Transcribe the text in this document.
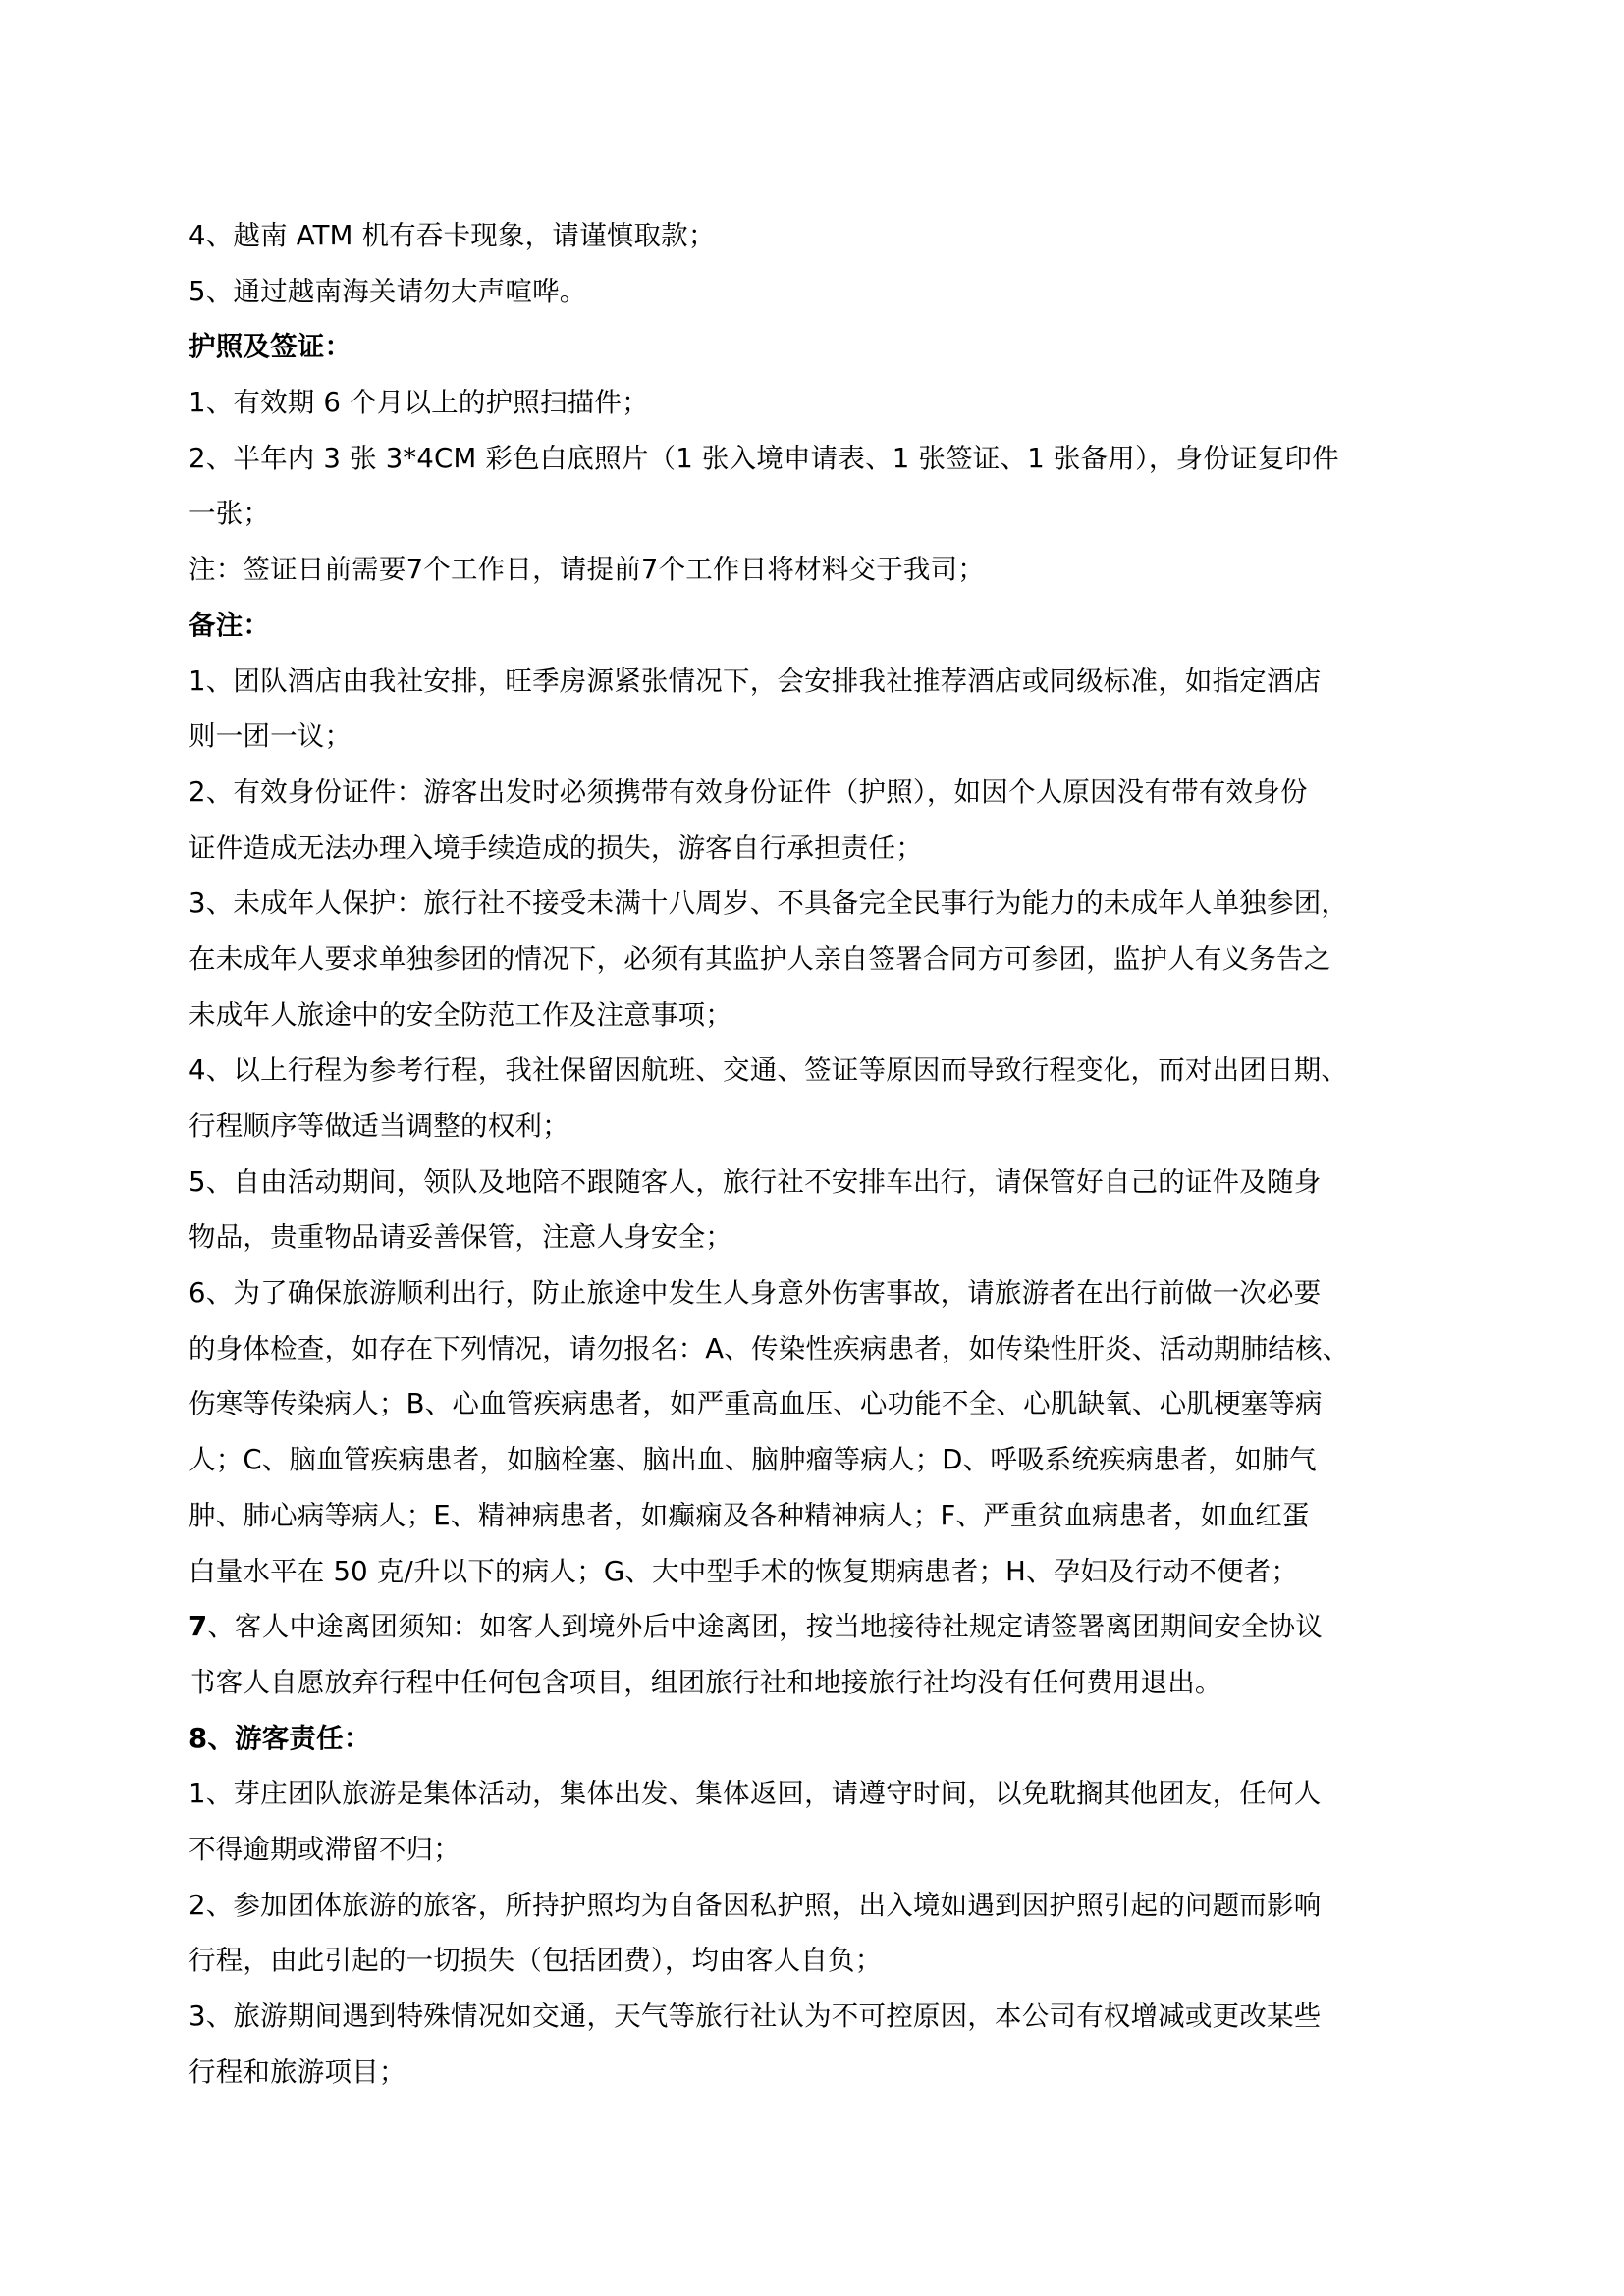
4、越南 ATM 机有吞卡现象，请谨慎取款；
5、通过越南海关请勿大声喧哗。
护照及签证：
1、有效期 6 个月以上的护照扫描件；
2、半年内 3 张 3*4CM 彩色白底照片（1 张入境申请表、1 张签证、1 张备用），身份证复印件
一张；
注：签证日前需要7个工作日，请提前7个工作日将材料交于我司；
备注：
1、团队酒店由我社安排，旺季房源紧张情况下，会安排我社推荐酒店或同级标准，如指定酒店
则一团一议；
2、有效身份证件：游客出发时必须携带有效身份证件（护照），如因个人原因没有带有效身份
证件造成无法办理入境手续造成的损失，游客自行承担责任；
3、未成年人保护：旅行社不接受未满十八周岁、不具备完全民事行为能力的未成年人单独参团，
在未成年人要求单独参团的情况下，必须有其监护人亲自签署合同方可参团，监护人有义务告之
未成年人旅途中的安全防范工作及注意事项；
4、以上行程为参考行程，我社保留因航班、交通、签证等原因而导致行程变化，而对出团日期、
行程顺序等做适当调整的权利；
5、自由活动期间，领队及地陪不跟随客人，旅行社不安排车出行，请保管好自己的证件及随身
物品，贵重物品请妥善保管，注意人身安全；
6、为了确保旅游顺利出行，防止旅途中发生人身意外伤害事故，请旅游者在出行前做一次必要
的身体检查，如存在下列情况，请勿报名：A、传染性疾病患者，如传染性肝炎、活动期肺结核、
伤寒等传染病人；B、心血管疾病患者，如严重高血压、心功能不全、心肌缺氧、心肌梗塞等病
人；C、脑血管疾病患者，如脑栓塞、脑出血、脑肿瘤等病人；D、呼吸系统疾病患者，如肺气
肿、肺心病等病人；E、精神病患者，如癫痫及各种精神病人；F、严重贫血病患者，如血红蛋
白量水平在 50 克/升以下的病人；G、大中型手术的恢复期病患者；H、孕妇及行动不便者；
7、客人中途离团须知：如客人到境外后中途离团，按当地接待社规定请签署离团期间安全协议
书客人自愿放弃行程中任何包含项目，组团旅行社和地接旅行社均没有任何费用退出。
8、游客责任：
1、芽庄团队旅游是集体活动，集体出发、集体返回，请遵守时间，以免耽搁其他团友，任何人
不得逾期或滞留不归；
2、参加团体旅游的旅客，所持护照均为自备因私护照，出入境如遇到因护照引起的问题而影响
行程，由此引起的一切损失（包括团费），均由客人自负；
3、旅游期间遇到特殊情况如交通，天气等旅行社认为不可控原因，本公司有权增减或更改某些
行程和旅游项目；
